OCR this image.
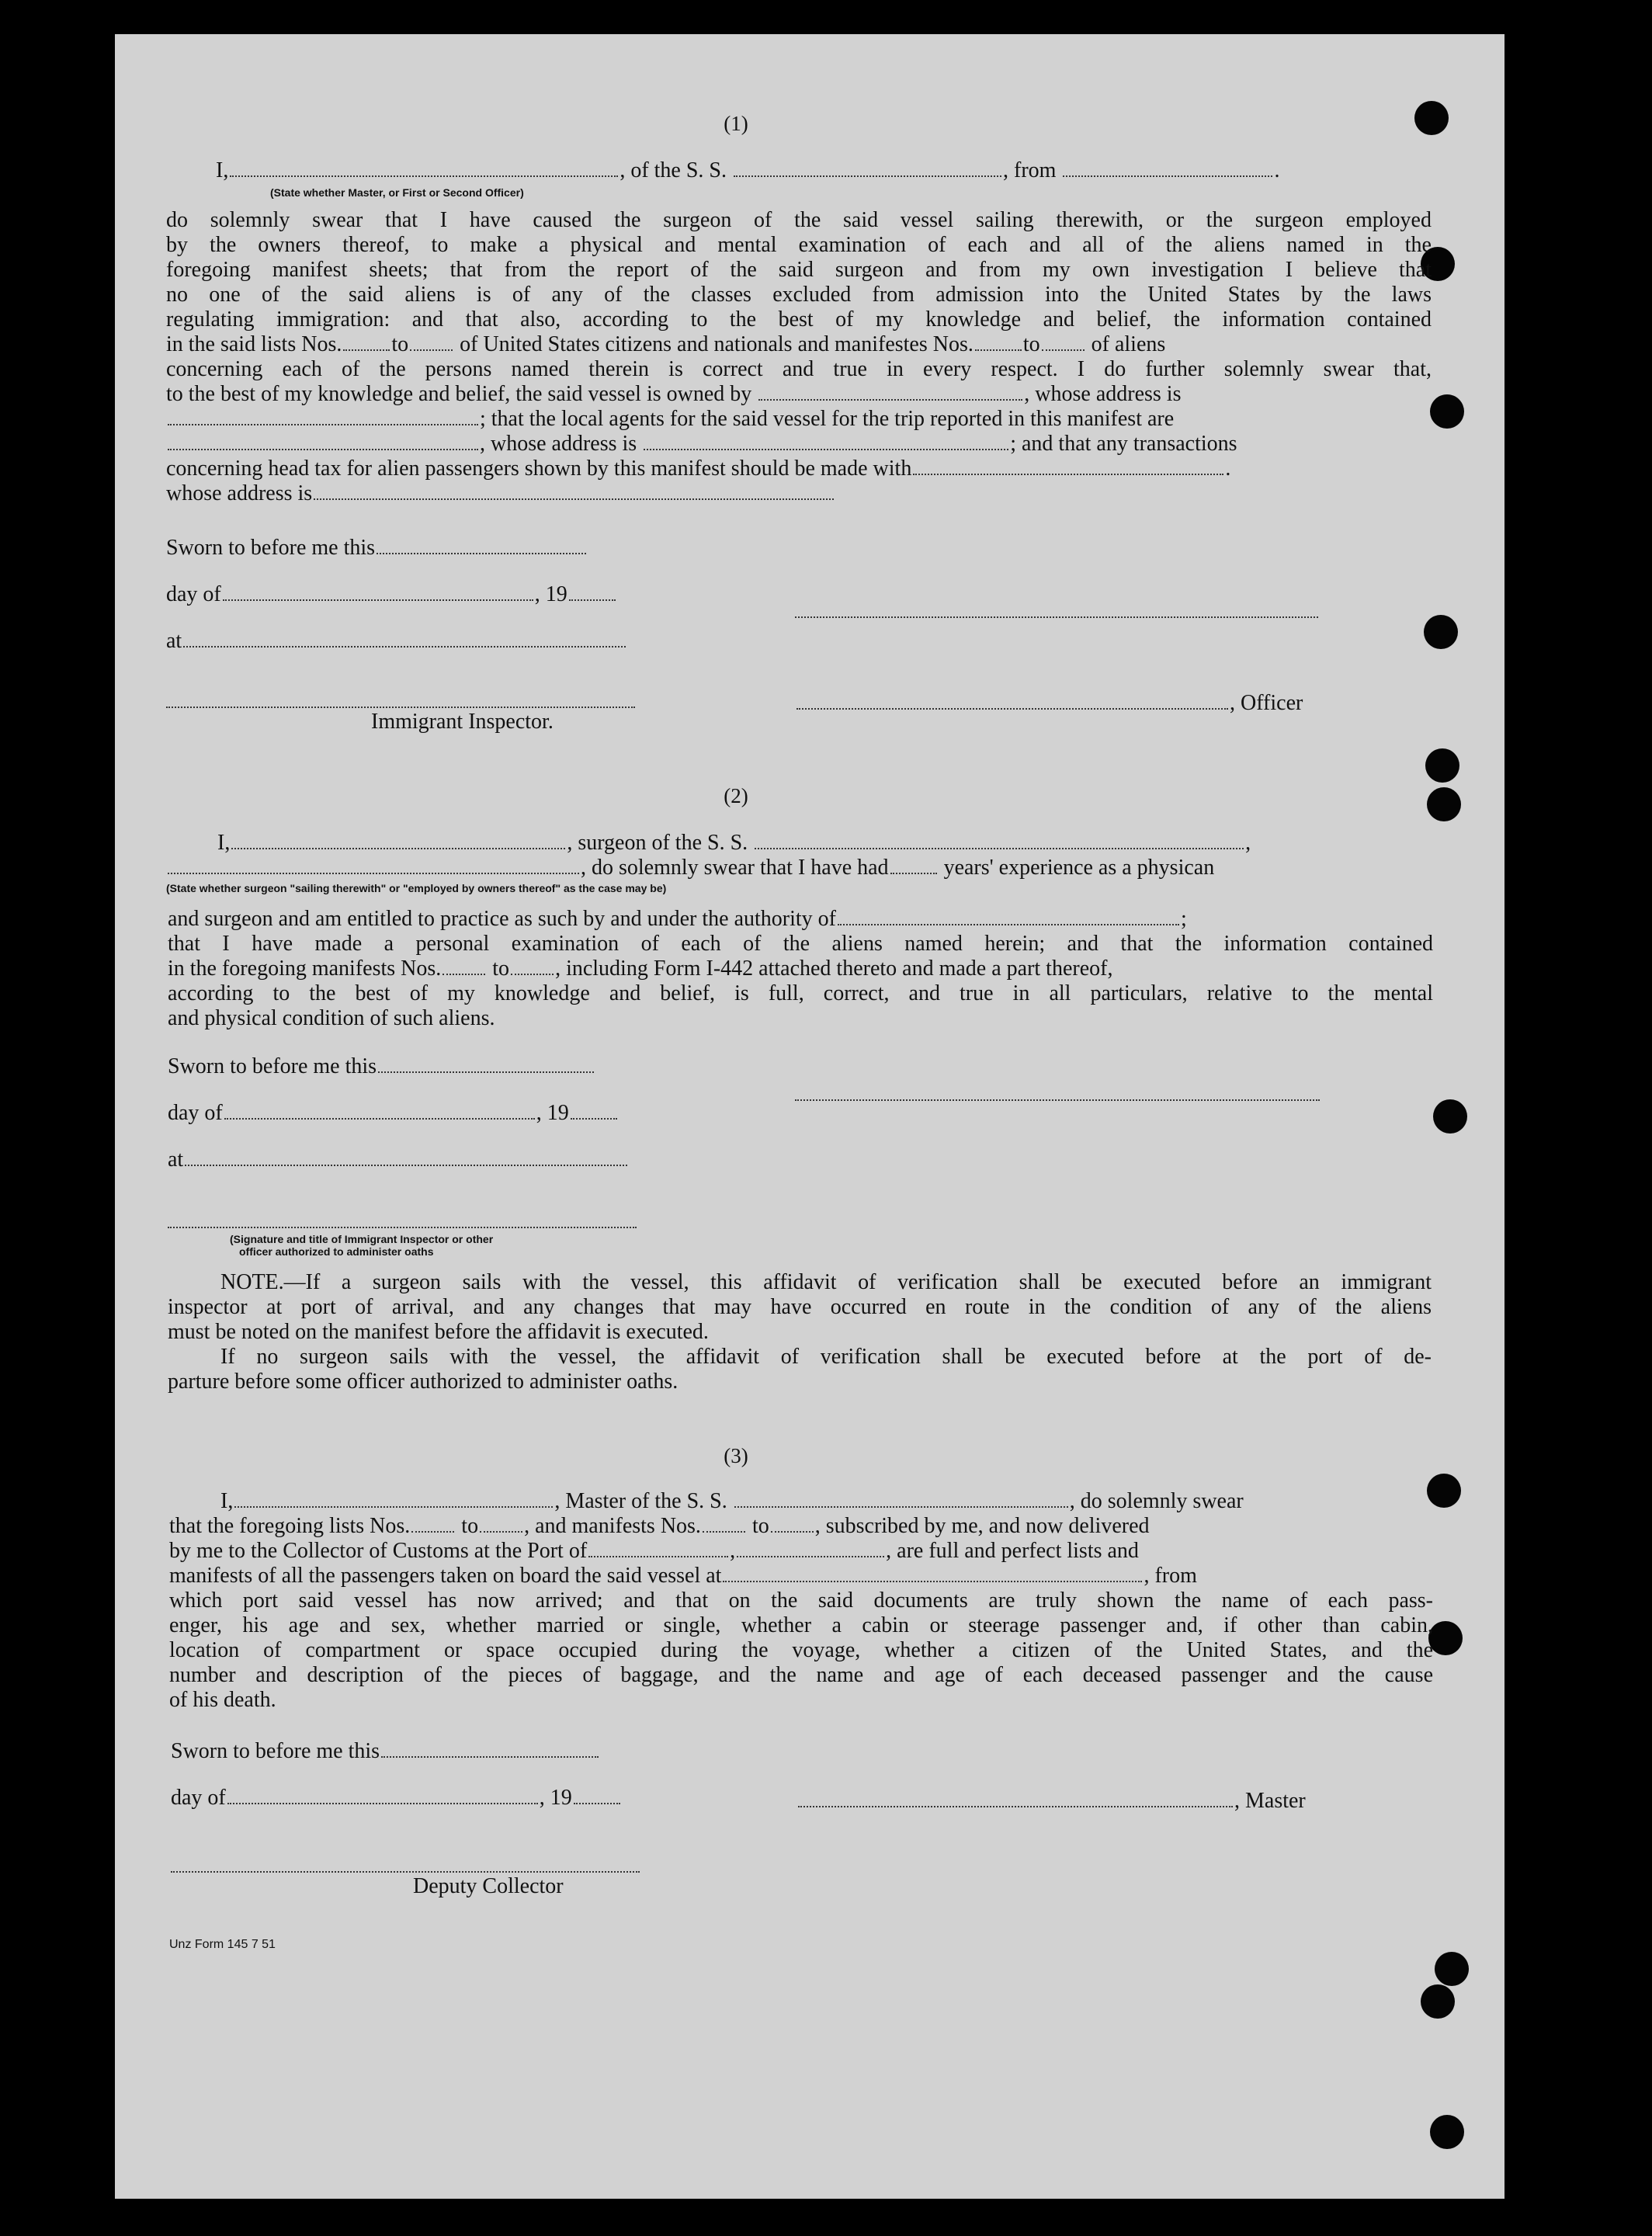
(1)
I,	, of the S. S.	, from	.
(State whether Master, or First or Second Officer)
do solemnly swear that I have caused the surgeon of the said vessel sailing therewith, or the surgeon employed
by the owners thereof, to make a physical and mental examination of each and all of the aliens named in the
foregoing manifest sheets; that from the report of the said surgeon and from my own investigation I believe that
no one of the said aliens is of any of the classes excluded from admission into the United States by the laws
regulating immigration: and that also, according to the best of my knowledge and belief, the information contained
in the said lists Nos. to of United States citizens and nationals and manifestes Nos. to of aliens
concerning each of the persons named therein is correct and true in every respect. I do further solemnly swear that,
to the best of my knowledge and belief, the said vessel is owned by	, whose address is
; that the local agents for the said vessel for the trip reported in this manifest are
, whose address is	; and that any transactions
concerning head tax for alien passengers shown by this manifest should be made with	.
whose address is
Sworn to before me this
day of	, 19
at
, Officer
Immigrant Inspector.
(2)
I,	, surgeon of the S. S.	,
, do solemnly swear that I have had	years' experience as a physican
(State whether surgeon "sailing therewith" or "employed by owners thereof" as the case may be)
and surgeon and am entitled to practice as such by and under the authority of	;
that I have made a personal examination of each of the aliens named herein; and that the information contained
in the foregoing manifests Nos. to , including Form I-442 attached thereto and made a part thereof,
according to the best of my knowledge and belief, is full, correct, and true in all particulars, relative to the mental
and physical condition of such aliens.
Sworn to before me this
day of	, 19
at
(Signature and title of Immigrant Inspector or other
officer authorized to administer oaths
NOTE.—If a surgeon sails with the vessel, this affidavit of verification shall be executed before an immigrant
inspector at port of arrival, and any changes that may have occurred en route in the condition of any of the aliens
must be noted on the manifest before the affidavit is executed.
If no surgeon sails with the vessel, the affidavit of verification shall be executed before at the port of de-
parture before some officer authorized to administer oaths.
(3)
I,	, Master of the S. S.	, do solemnly swear
that the foregoing lists Nos. to , and manifests Nos. to , subscribed by me, and now delivered
by me to the Collector of Customs at the Port of	,	, are full and perfect lists and
manifests of all the passengers taken on board the said vessel at	, from
which port said vessel has now arrived; and that on the said documents are truly shown the name of each pass-
enger, his age and sex, whether married or single, whether a cabin or steerage passenger and, if other than cabin,
location of compartment or space occupied during the voyage, whether a citizen of the United States, and the
number and description of the pieces of baggage, and the name and age of each deceased passenger and the cause
of his death.
Sworn to before me this
day of	, 19	, Master
Deputy Collector
Unz Form 145 7 51
